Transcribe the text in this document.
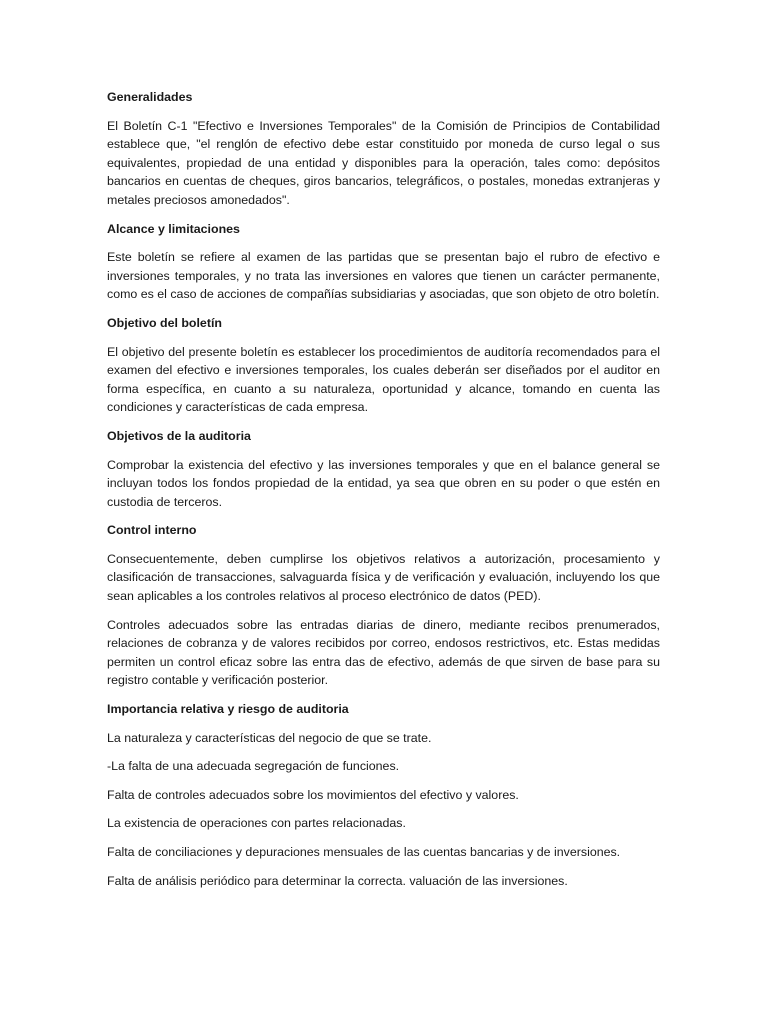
Generalidades

El Boletín C-1 "Efectivo e Inversiones Temporales" de la Comisión de Principios de Contabilidad establece que, "el renglón de efectivo debe estar constituido por moneda de curso legal o sus equivalentes, propiedad de una entidad y disponibles para la operación, tales como: depósitos bancarios en cuentas de cheques, giros bancarios, telegráficos, o postales, monedas extranjeras y metales preciosos amonedados".

Alcance y limitaciones

Este boletín se refiere al examen de las partidas que se presentan bajo el rubro de efectivo e inversiones temporales, y no trata las inversiones en valores que tienen un carácter permanente, como es el caso de acciones de compañías subsidiarias y asociadas, que son objeto de otro boletín.

Objetivo del boletín

El objetivo del presente boletín es establecer los procedimientos de auditoría recomendados para el examen del efectivo e inversiones temporales, los cuales deberán ser diseñados por el auditor en forma específica, en cuanto a su naturaleza, oportunidad y alcance, tomando en cuenta las condiciones y características de cada empresa.

Objetivos de la auditoria

Comprobar la existencia del efectivo y las inversiones temporales y que en el balance general se incluyan todos los fondos propiedad de la entidad, ya sea que obren en su poder o que estén en custodia de terceros.

Control interno

Consecuentemente, deben cumplirse los objetivos relativos a autorización, procesamiento y clasificación de transacciones, salvaguarda física y de verificación y evaluación, incluyendo los que sean aplicables a los controles relativos al proceso electrónico de datos (PED).

Controles adecuados sobre las entradas diarias de dinero, mediante recibos prenumerados, relaciones de cobranza y de valores recibidos por correo, endosos restrictivos, etc. Estas medidas permiten un control eficaz sobre las entra das de efectivo, además de que sirven de base para su registro contable y verificación posterior.

Importancia relativa y riesgo de auditoria

La naturaleza y características del negocio de que se trate.

-La falta de una adecuada segregación de funciones.

Falta de controles adecuados sobre los movimientos del efectivo y valores.

La existencia de operaciones con partes relacionadas.

Falta de conciliaciones y depuraciones mensuales de las cuentas bancarias y de inversiones.

Falta de análisis periódico para determinar la correcta. valuación de las inversiones.
